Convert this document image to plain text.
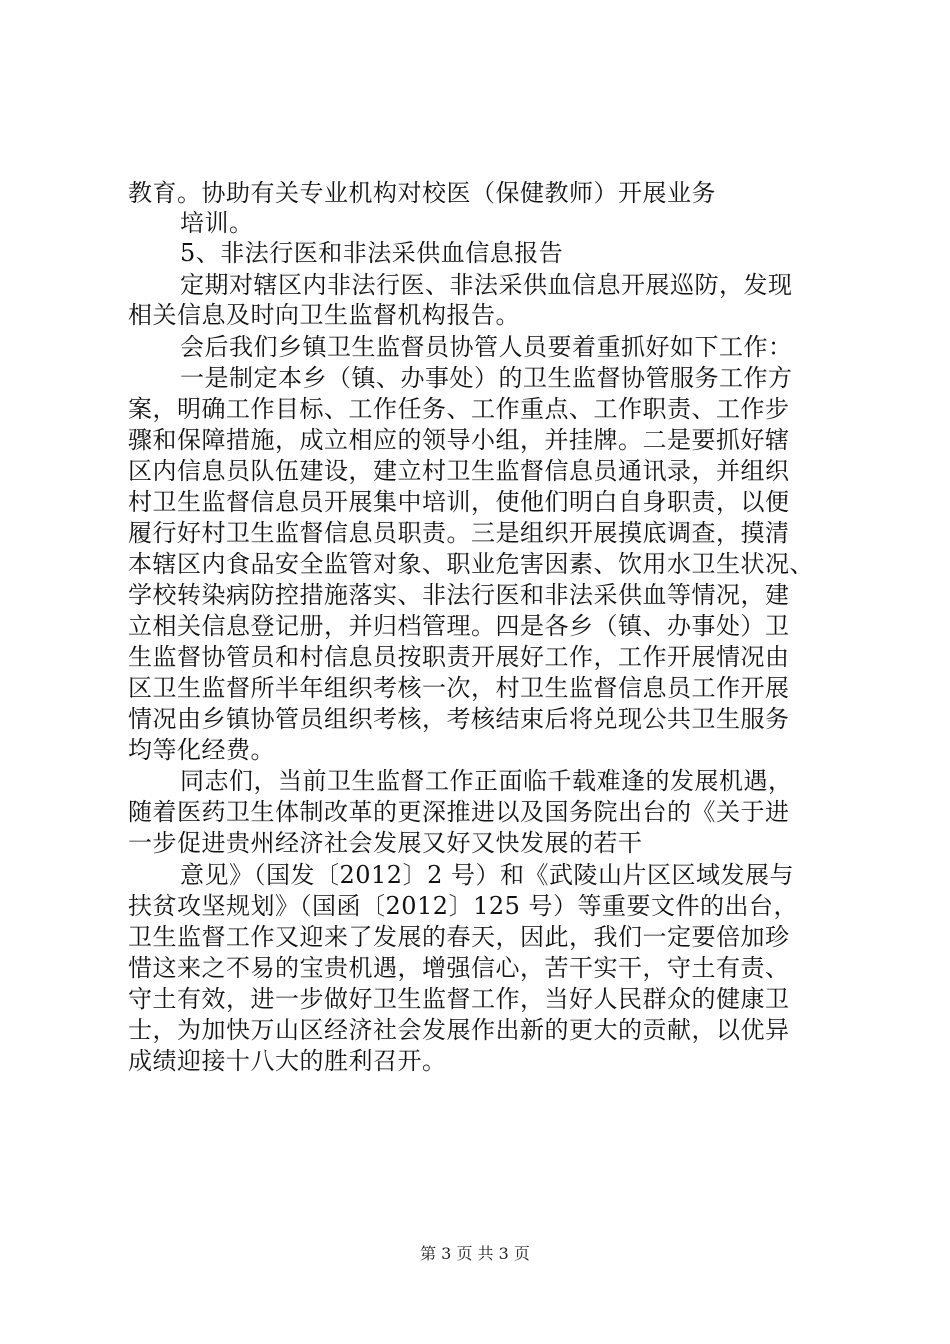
教育。协助有关专业机构对校医（保健教师）开展业务
培训。
5、非法行医和非法采供血信息报告
定期对辖区内非法行医、非法采供血信息开展巡防，发现
相关信息及时向卫生监督机构报告。
会后我们乡镇卫生监督员协管人员要着重抓好如下工作：
一是制定本乡（镇、办事处）的卫生监督协管服务工作方
案，明确工作目标、工作任务、工作重点、工作职责、工作步
骤和保障措施，成立相应的领导小组，并挂牌。二是要抓好辖
区内信息员队伍建设，建立村卫生监督信息员通讯录，并组织
村卫生监督信息员开展集中培训，使他们明白自身职责，以便
履行好村卫生监督信息员职责。三是组织开展摸底调查，摸清
本辖区内食品安全监管对象、职业危害因素、饮用水卫生状况、
学校转染病防控措施落实、非法行医和非法采供血等情况，建
立相关信息登记册，并归档管理。四是各乡（镇、办事处）卫
生监督协管员和村信息员按职责开展好工作，工作开展情况由
区卫生监督所半年组织考核一次，村卫生监督信息员工作开展
情况由乡镇协管员组织考核，考核结束后将兑现公共卫生服务
均等化经费。
同志们，当前卫生监督工作正面临千载难逢的发展机遇，
随着医药卫生体制改革的更深推进以及国务院出台的《关于进
一步促进贵州经济社会发展又好又快发展的若干
意见》（国发〔2012〕2 号）和《武陵山片区区域发展与
扶贫攻坚规划》（国函〔2012〕125 号）等重要文件的出台，
卫生监督工作又迎来了发展的春天，因此，我们一定要倍加珍
惜这来之不易的宝贵机遇，增强信心，苦干实干，守土有责、
守土有效，进一步做好卫生监督工作，当好人民群众的健康卫
士，为加快万山区经济社会发展作出新的更大的贡献，以优异
成绩迎接十八大的胜利召开。
第 3 页 共 3 页
